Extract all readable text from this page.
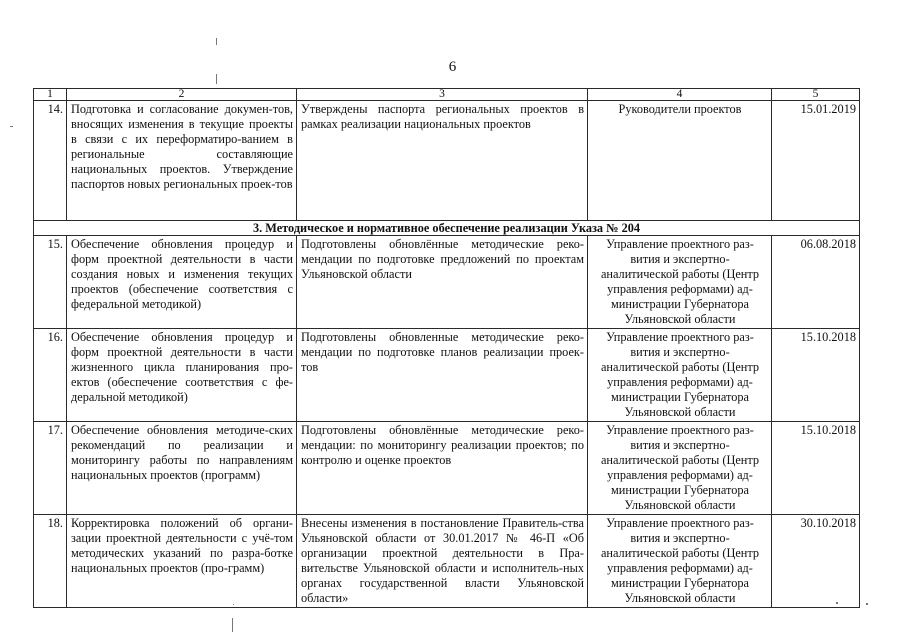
6
1	2	3	4	5
14.	Подготовка и согласование докумен-тов, вносящих изменения в текущие проекты в связи с их переформатиро-ванием в региональные составляющие национальных проектов. Утверждение паспортов новых региональных проек-тов	Утверждены паспорта региональных проектов в рамках реализации национальных проектов	Руководители проектов	15.01.2019
3. Методическое и нормативное обеспечение реализации Указа № 204				
15.	Обеспечение обновления процедур и форм проектной деятельности в части создания новых и изменения текущих проектов (обеспечение соответствия с федеральной методикой)	Подготовлены обновлённые методические реко-мендации по подготовке предложений по проектам Ульяновской области	Управление проектного раз-вития и экспертно-аналитической работы (Центр управления реформами) ад-министрации Губернатора Ульяновской области	06.08.2018
16.	Обеспечение обновления процедур и форм проектной деятельности в части жизненного цикла планирования про-ектов (обеспечение соответствия с фе-деральной методикой)	Подготовлены обновленные методические реко-мендации по подготовке планов реализации проек-тов	Управление проектного раз-вития и экспертно-аналитической работы (Центр управления реформами) ад-министрации Губернатора Ульяновской области	15.10.2018
17.	Обеспечение обновления методиче-ских рекомендаций по реализации и мониторингу работы по направлениям национальных проектов (программ)	Подготовлены обновлённые методические реко-мендации: по мониторингу реализации проектов; по контролю и оценке проектов	Управление проектного раз-вития и экспертно-аналитической работы (Центр управления реформами) ад-министрации Губернатора Ульяновской области	15.10.2018
18.	Корректировка положений об органи-зации проектной деятельности с учё-том методических указаний по разра-ботке национальных проектов (про-грамм)	Внесены изменения в постановление Правитель-ства Ульяновской области от 30.01.2017 № 46-П «Об организации проектной деятельности в Пра-вительстве Ульяновской области и исполнитель-ных органах государственной власти Ульяновской области»	Управление проектного раз-вития и экспертно-аналитической работы (Центр управления реформами) ад-министрации Губернатора Ульяновской области	30.10.2018
